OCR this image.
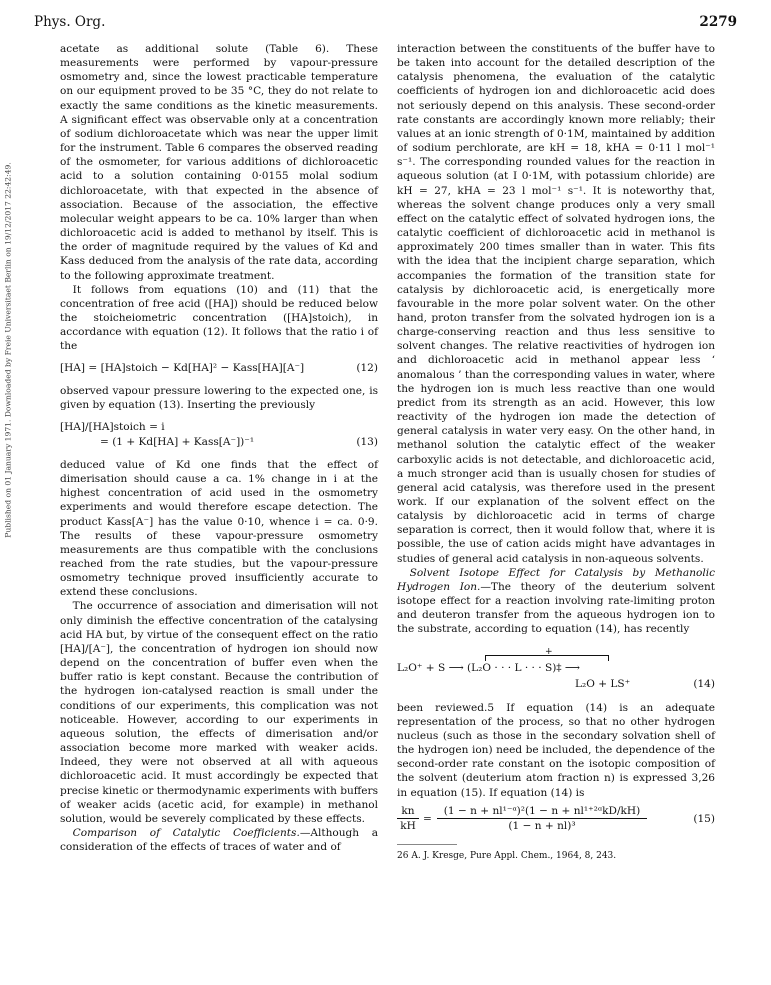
Published on 01 January 1971. Downloaded by Freie Universitaet Berlin on 19/12/2017 22:42:49.
Phys. Org.	2279

acetate as additional solute (Table 6). These measurements were performed by vapour-pressure osmometry and, since the lowest practicable temperature on our equipment proved to be 35 °C, they do not relate to exactly the same conditions as the kinetic measurements. A significant effect was observable only at a concentration of sodium dichloroacetate which was near the upper limit for the instrument. Table 6 compares the observed reading of the osmometer, for various additions of dichloroacetic acid to a solution containing 0·0155 molal sodium dichloroacetate, with that expected in the absence of association. Because of the association, the effective molecular weight appears to be ca. 10% larger than when dichloroacetic acid is added to methanol by itself. This is the order of magnitude required by the values of Kd and Kass deduced from the analysis of the rate data, according to the following approximate treatment.

It follows from equations (10) and (11) that the concentration of free acid ([HA]) should be reduced below the stoicheiometric concentration ([HA]stoich), in accordance with equation (12). It follows that the ratio i of the

[HA] = [HA]stoich − Kd[HA]² − Kass[HA][A⁻]	(12)

observed vapour pressure lowering to the expected one, is given by equation (13). Inserting the previously

[HA]/[HA]stoich = i
= (1 + Kd[HA] + Kass[A⁻])⁻¹	(13)

deduced value of Kd one finds that the effect of dimerisation should cause a ca. 1% change in i at the highest concentration of acid used in the osmometry experiments and would therefore escape detection. The product Kass[A⁻] has the value 0·10, whence i = ca. 0·9. The results of these vapour-pressure osmometry measurements are thus compatible with the conclusions reached from the rate studies, but the vapour-pressure osmometry technique proved insufficiently accurate to extend these conclusions.

The occurrence of association and dimerisation will not only diminish the effective concentration of the catalysing acid HA but, by virtue of the consequent effect on the ratio [HA]/[A⁻], the concentration of hydrogen ion should now depend on the concentration of buffer even when the buffer ratio is kept constant. Because the contribution of the hydrogen ion-catalysed reaction is small under the conditions of our experiments, this complication was not noticeable. However, according to our experiments in aqueous solution, the effects of dimerisation and/or association become more marked with weaker acids. Indeed, they were not observed at all with aqueous dichloroacetic acid. It must accordingly be expected that precise kinetic or thermodynamic experiments with buffers of weaker acids (acetic acid, for example) in methanol solution, would be severely complicated by these effects.

Comparison of Catalytic Coefficients.—Although a consideration of the effects of traces of water and of

interaction between the constituents of the buffer have to be taken into account for the detailed description of the catalysis phenomena, the evaluation of the catalytic coefficients of hydrogen ion and dichloroacetic acid does not seriously depend on this analysis. These second-order rate constants are accordingly known more reliably; their values at an ionic strength of 0·1M, maintained by addition of sodium perchlorate, are kH = 18, kHA = 0·11 l mol⁻¹ s⁻¹. The corresponding rounded values for the reaction in aqueous solution (at I 0·1M, with potassium chloride) are kH = 27, kHA = 23 l mol⁻¹ s⁻¹. It is noteworthy that, whereas the solvent change produces only a very small effect on the catalytic effect of solvated hydrogen ions, the catalytic coefficient of dichloroacetic acid in methanol is approximately 200 times smaller than in water. This fits with the idea that the incipient charge separation, which accompanies the formation of the transition state for catalysis by dichloroacetic acid, is energetically more favourable in the more polar solvent water. On the other hand, proton transfer from the solvated hydrogen ion is a charge-conserving reaction and thus less sensitive to solvent changes. The relative reactivities of hydrogen ion and dichloroacetic acid in methanol appear less ‘ anomalous ’ than the corresponding values in water, where the hydrogen ion is much less reactive than one would predict from its strength as an acid. However, this low reactivity of the hydrogen ion made the detection of general catalysis in water very easy. On the other hand, in methanol solution the catalytic effect of the weaker carboxylic acids is not detectable, and dichloroacetic acid, a much stronger acid than is usually chosen for studies of general acid catalysis, was therefore used in the present work. If our explanation of the solvent effect on the catalysis by dichloroacetic acid in terms of charge separation is correct, then it would follow that, where it is possible, the use of cation acids might have advantages in studies of general acid catalysis in non-aqueous solvents.

Solvent Isotope Effect for Catalysis by Methanolic Hydrogen Ion.—The theory of the deuterium solvent isotope effect for a reaction involving rate-limiting proton and deuteron transfer from the aqueous hydrogen ion to the substrate, according to equation (14), has recently

+
L₂O⁺ + S ⟶ (L₂O · · · L · · · S)‡ ⟶
L₂O + LS⁺	(14)

been reviewed.5 If equation (14) is an adequate representation of the process, so that no other hydrogen nucleus (such as those in the secondary solvation shell of the hydrogen ion) need be included, the dependence of the second-order rate constant on the isotopic composition of the solvent (deuterium atom fraction n) is expressed 3,26 in equation (15). If equation (14) is

$\frac{kn}{kH}$ =
(1 − n + nl¹⁻ᵅ)²(1 − n + nl¹⁺²ᵅkD/kH)
(1 − n + nl)³
(15)
26 A. J. Kresge, Pure Appl. Chem., 1964, 8, 243.
